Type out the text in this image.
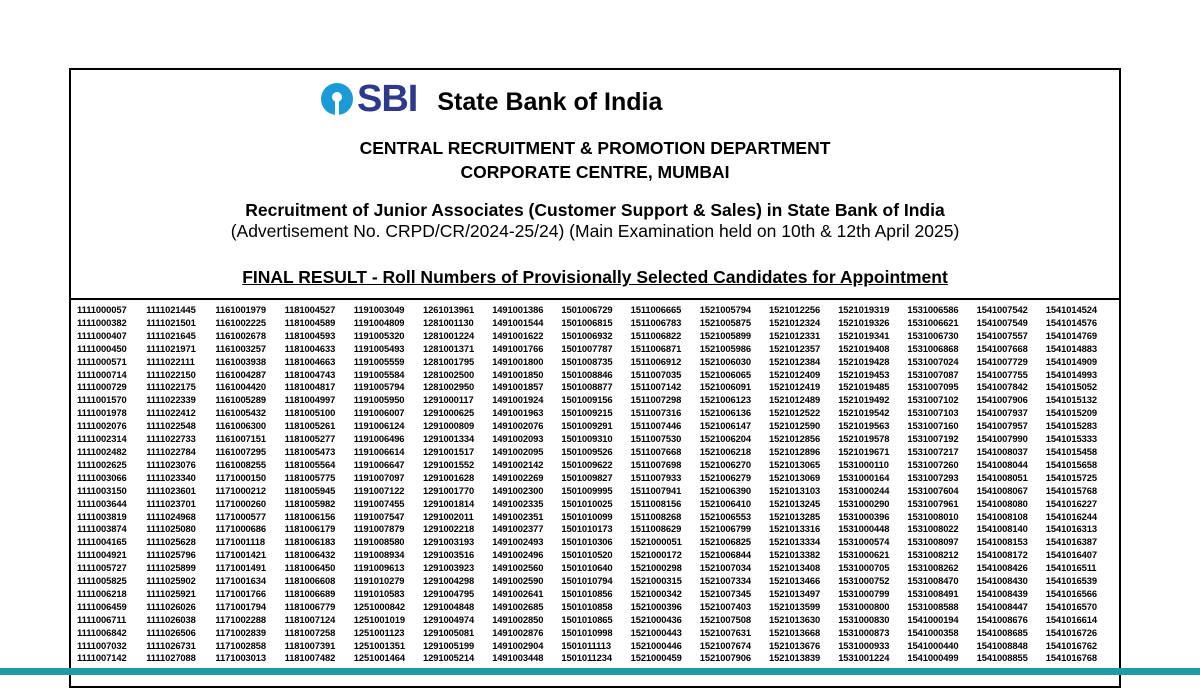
SBI State Bank of India
CENTRAL RECRUITMENT & PROMOTION DEPARTMENT
CORPORATE CENTRE, MUMBAI
Recruitment of Junior Associates (Customer Support & Sales) in State Bank of India
(Advertisement No. CRPD/CR/2024-25/24) (Main Examination held on 10th & 12th April 2025)
FINAL RESULT - Roll Numbers of Provisionally Selected Candidates for Appointment
1111000057	1111021445	1161001979	1181004527	1191003049	1261013961	1491001386	1501006729	1511006665	1521005794	1521012256	1521019319	1531006586	1541007542	1541014524
1111000382	1111021501	1161002225	1181004589	1191004809	1281001130	1491001544	1501006815	1511006783	1521005875	1521012324	1521019326	1531006621	1541007549	1541014576
1111000407	1111021645	1161002678	1181004593	1191005320	1281001224	1491001622	1501006932	1511006822	1521005899	1521012331	1521019341	1531006730	1541007557	1541014769
1111000450	1111021971	1161003257	1181004633	1191005493	1281001371	1491001766	1501007787	1511006871	1521005986	1521012357	1521019408	1531006868	1541007668	1541014883
1111000571	1111022111	1161003938	1181004663	1191005559	1281001795	1491001800	1501008735	1511006912	1521006030	1521012384	1521019428	1531007024	1541007729	1541014909
1111000714	1111022150	1161004287	1181004743	1191005584	1281002500	1491001850	1501008846	1511007035	1521006065	1521012409	1521019453	1531007087	1541007755	1541014993
1111000729	1111022175	1161004420	1181004817	1191005794	1281002950	1491001857	1501008877	1511007142	1521006091	1521012419	1521019485	1531007095	1541007842	1541015052
1111001570	1111022339	1161005289	1181004997	1191005950	1291000117	1491001924	1501009156	1511007298	1521006123	1521012489	1521019492	1531007102	1541007906	1541015132
1111001978	1111022412	1161005432	1181005100	1191006007	1291000625	1491001963	1501009215	1511007316	1521006136	1521012522	1521019542	1531007103	1541007937	1541015209
1111002076	1111022548	1161006300	1181005261	1191006124	1291000809	1491002076	1501009291	1511007446	1521006147	1521012590	1521019563	1531007160	1541007957	1541015283
1111002314	1111022733	1161007151	1181005277	1191006496	1291001334	1491002093	1501009310	1511007530	1521006204	1521012856	1521019578	1531007192	1541007990	1541015333
1111002482	1111022784	1161007295	1181005473	1191006614	1291001517	1491002095	1501009526	1511007668	1521006218	1521012896	1521019671	1531007217	1541008037	1541015458
1111002625	1111023076	1161008255	1181005564	1191006647	1291001552	1491002142	1501009622	1511007698	1521006270	1521013065	1531000110	1531007260	1541008044	1541015658
1111003066	1111023340	1171000150	1181005775	1191007097	1291001628	1491002269	1501009827	1511007933	1521006279	1521013069	1531000164	1531007293	1541008051	1541015725
1111003150	1111023601	1171000212	1181005945	1191007122	1291001770	1491002300	1501009995	1511007941	1521006390	1521013103	1531000244	1531007604	1541008067	1541015768
1111003644	1111023701	1171000260	1181005982	1191007455	1291001814	1491002335	1501010025	1511008156	1521006410	1521013245	1531000290	1531007961	1541008080	1541016227
1111003819	1111024968	1171000577	1181006156	1191007547	1291002011	1491002351	1501010099	1511008268	1521006553	1521013285	1531000396	1531008010	1541008108	1541016244
1111003874	1111025080	1171000686	1181006179	1191007879	1291002218	1491002377	1501010173	1511008629	1521006799	1521013316	1531000448	1531008022	1541008140	1541016313
1111004165	1111025628	1171001118	1181006183	1191008580	1291003193	1491002493	1501010306	1521000051	1521006825	1521013334	1531000574	1531008097	1541008153	1541016387
1111004921	1111025796	1171001421	1181006432	1191008934	1291003516	1491002496	1501010520	1521000172	1521006844	1521013382	1531000621	1531008212	1541008172	1541016407
1111005727	1111025899	1171001491	1181006450	1191009613	1291003923	1491002560	1501010640	1521000298	1521007034	1521013408	1531000705	1531008262	1541008426	1541016511
1111005825	1111025902	1171001634	1181006608	1191010279	1291004298	1491002590	1501010794	1521000315	1521007334	1521013466	1531000752	1531008470	1541008430	1541016539
1111006218	1111025921	1171001766	1181006689	1191010583	1291004795	1491002641	1501010856	1521000342	1521007345	1521013497	1531000799	1531008491	1541008439	1541016566
1111006459	1111026026	1171001794	1181006779	1251000842	1291004848	1491002685	1501010858	1521000396	1521007403	1521013599	1531000800	1531008588	1541008447	1541016570
1111006711	1111026038	1171002288	1181007124	1251001019	1291004974	1491002850	1501010865	1521000436	1521007508	1521013630	1531000830	1541000194	1541008676	1541016614
1111006842	1111026506	1171002839	1181007258	1251001123	1291005081	1491002876	1501010998	1521000443	1521007631	1521013668	1531000873	1541000358	1541008685	1541016726
1111007032	1111026731	1171002858	1181007391	1251001351	1291005199	1491002904	1501011113	1521000446	1521007674	1521013676	1531000933	1541000440	1541008848	1541016762
1111007142	1111027088	1171003013	1181007482	1251001464	1291005214	1491003448	1501011234	1521000459	1521007906	1521013839	1531001224	1541000499	1541008855	1541016768
